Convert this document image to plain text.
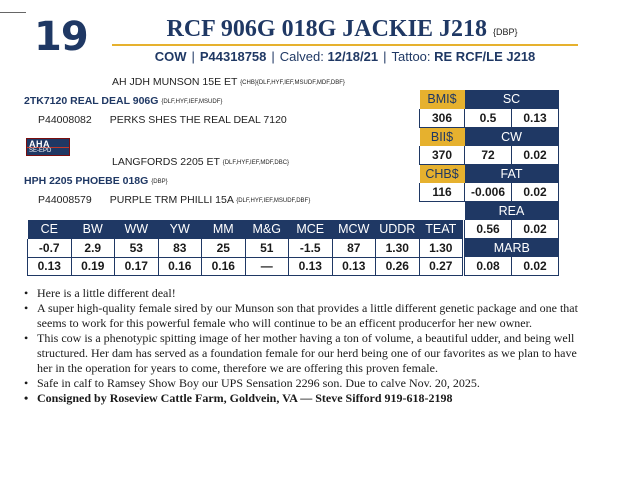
19	RCF 906G 018G JACKIE J218 {DBP}
COW | P44318758 | Calved: 12/18/21 | Tattoo: RE RCF/LE J218
AH JDH MUNSON 15E ET {CHB}{DLF,HYF,IEF,MSUDF,MDF,DBF}
2TK7120 REAL DEAL 906G {DLF,HYF,IEF,MSUDF}
P44008082 PERKS SHES THE REAL DEAL 7120
AHA
SE-EPD
LANGFORDS 2205 ET {DLF,HYF,IEF,MDF,DBC}
HPH 2205 PHOEBE 018G {DBP}
P44008579 PURPLE TRM PHILLI 15A {DLF,HYF,IEF,MSUDF,DBF}
BMI$	SC	
306	0.5	0.13
BII$	CW	
370	72	0.02
CHB$	FAT	
116	-0.006	0.02
	REA	
	0.56	0.02
	MARB	
	0.08	0.02
CE	BW	WW	YW	MM	M&G	MCE	MCW	UDDR	TEAT
-0.7	2.9	53	83	25	51	-1.5	87	1.30	1.30
0.13	0.19	0.17	0.16	0.16	—	0.13	0.13	0.26	0.27
• Here is a little different deal!
• A super high-quality female sired by our Munson son that provides a little different genetic package and one that seems to work for this powerful female who will continue to be an efficent producerfor her new owner.
• This cow is a phenotypic spitting image of her mother having a ton of volume, a beautiful udder, and being well structured. Her dam has served as a foundation female for our herd being one of our favorites as we plan to have her in the operation for years to come, therefore we are offering this proven female.
• Safe in calf to Ramsey Show Boy our UPS Sensation 2296 son. Due to calve Nov. 20, 2025.
• Consigned by Roseview Cattle Farm, Goldvein, VA — Steve Sifford 919-618-2198
